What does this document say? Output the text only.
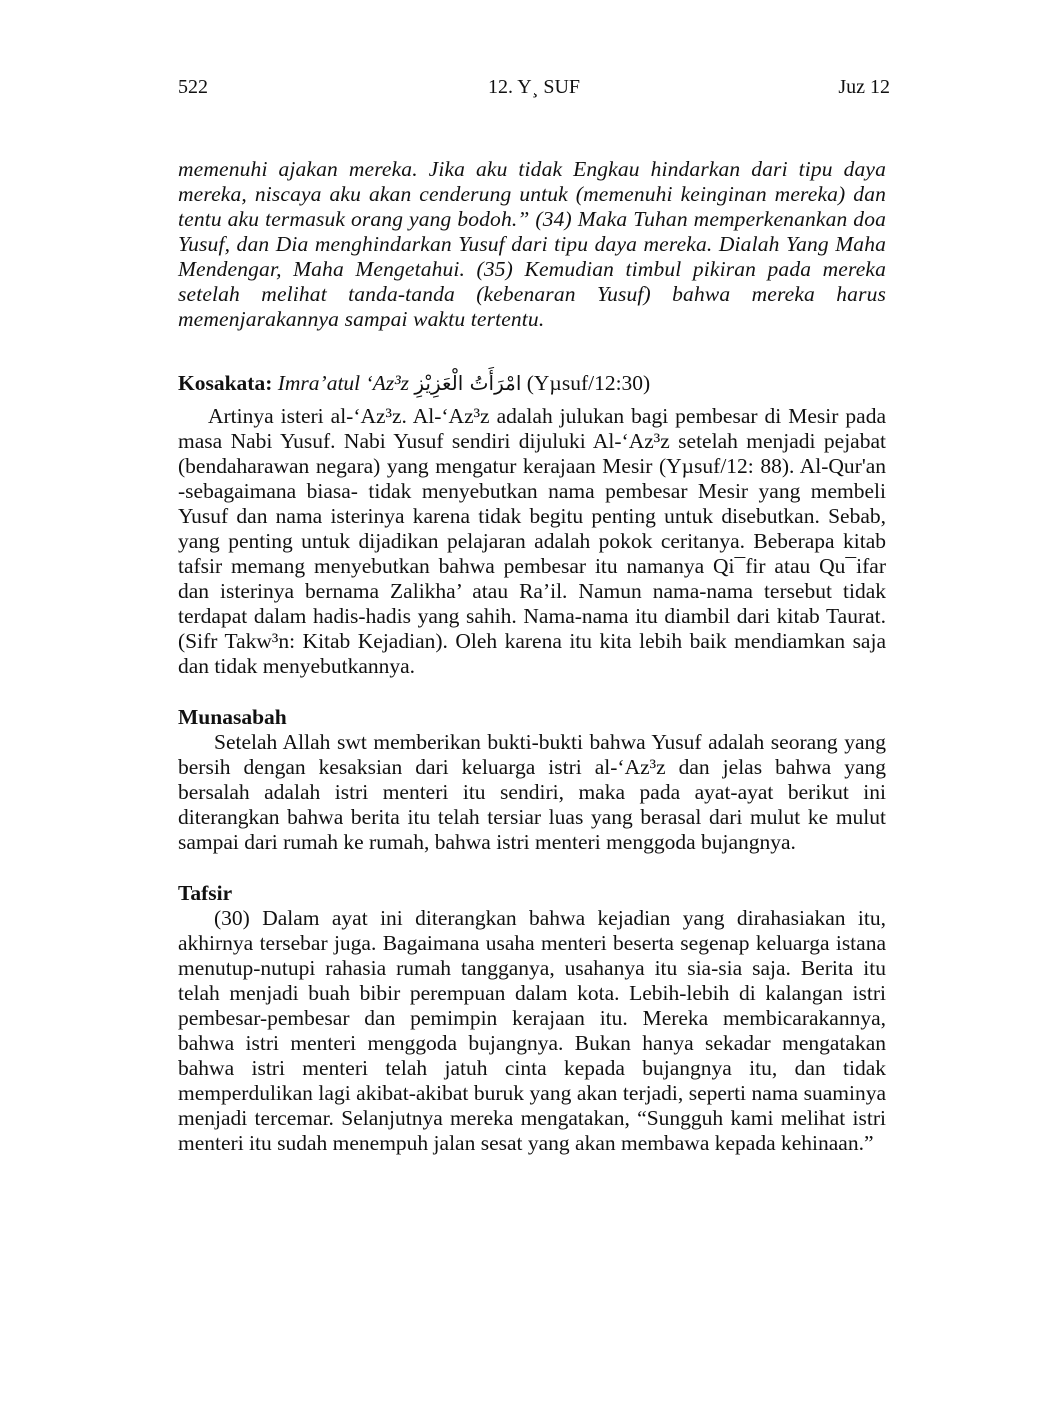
522	12. Y¸ SUF	Juz 12

memenuhi ajakan mereka. Jika aku tidak Engkau hindarkan dari tipu daya mereka, niscaya aku akan cenderung untuk (memenuhi keinginan mereka) dan tentu aku termasuk orang yang bodoh.” (34) Maka Tuhan memperkenankan doa Yusuf, dan Dia menghindarkan Yusuf dari tipu daya mereka. Dialah Yang Maha Mendengar, Maha Mengetahui. (35) Kemudian timbul pikiran pada mereka setelah melihat tanda-tanda (kebenaran Yusuf) bahwa mereka harus memenjarakannya sampai waktu tertentu.

Kosakata: Imra’atul ‘Az³z امْرَأَتُ الْعَزِيْزِ (Yµsuf/12:30)

Artinya isteri al-‘Az³z. Al-‘Az³z adalah julukan bagi pembesar di Mesir pada masa Nabi Yusuf. Nabi Yusuf sendiri dijuluki Al-‘Az³z setelah menjadi pejabat (bendaharawan negara) yang mengatur kerajaan Mesir (Yµsuf/12: 88). Al-Qur'an -sebagaimana biasa- tidak menyebutkan nama pembesar Mesir yang membeli Yusuf dan nama isterinya karena tidak begitu penting untuk disebutkan. Sebab, yang penting untuk dijadikan pelajaran adalah pokok ceritanya. Beberapa kitab tafsir memang menyebutkan bahwa pembesar itu namanya Qi¯fir atau Qu¯ifar dan isterinya bernama Zalikha’ atau Ra’il. Namun nama-nama tersebut tidak terdapat dalam hadis-hadis yang sahih. Nama-nama itu diambil dari kitab Taurat. (Sifr Takw³n: Kitab Kejadian). Oleh karena itu kita lebih baik mendiamkan saja dan tidak menyebutkannya.

Munasabah

Setelah Allah swt memberikan bukti-bukti bahwa Yusuf adalah seorang yang bersih dengan kesaksian dari keluarga istri al-‘Az³z dan jelas bahwa yang bersalah adalah istri menteri itu sendiri, maka pada ayat-ayat berikut ini diterangkan bahwa berita itu telah tersiar luas yang berasal dari mulut ke mulut sampai dari rumah ke rumah, bahwa istri menteri menggoda bujangnya.

Tafsir

(30) Dalam ayat ini diterangkan bahwa kejadian yang dirahasiakan itu, akhirnya tersebar juga. Bagaimana usaha menteri beserta segenap keluarga istana menutup-nutupi rahasia rumah tangganya, usahanya itu sia-sia saja. Berita itu telah menjadi buah bibir perempuan dalam kota. Lebih-lebih di kalangan istri pembesar-pembesar dan pemimpin kerajaan itu. Mereka membicarakannya, bahwa istri menteri menggoda bujangnya. Bukan hanya sekadar mengatakan bahwa istri menteri telah jatuh cinta kepada bujangnya itu, dan tidak memperdulikan lagi akibat-akibat buruk yang akan terjadi, seperti nama suaminya menjadi tercemar. Selanjutnya mereka mengatakan, “Sungguh kami melihat istri menteri itu sudah menempuh jalan sesat yang akan membawa kepada kehinaan.”
